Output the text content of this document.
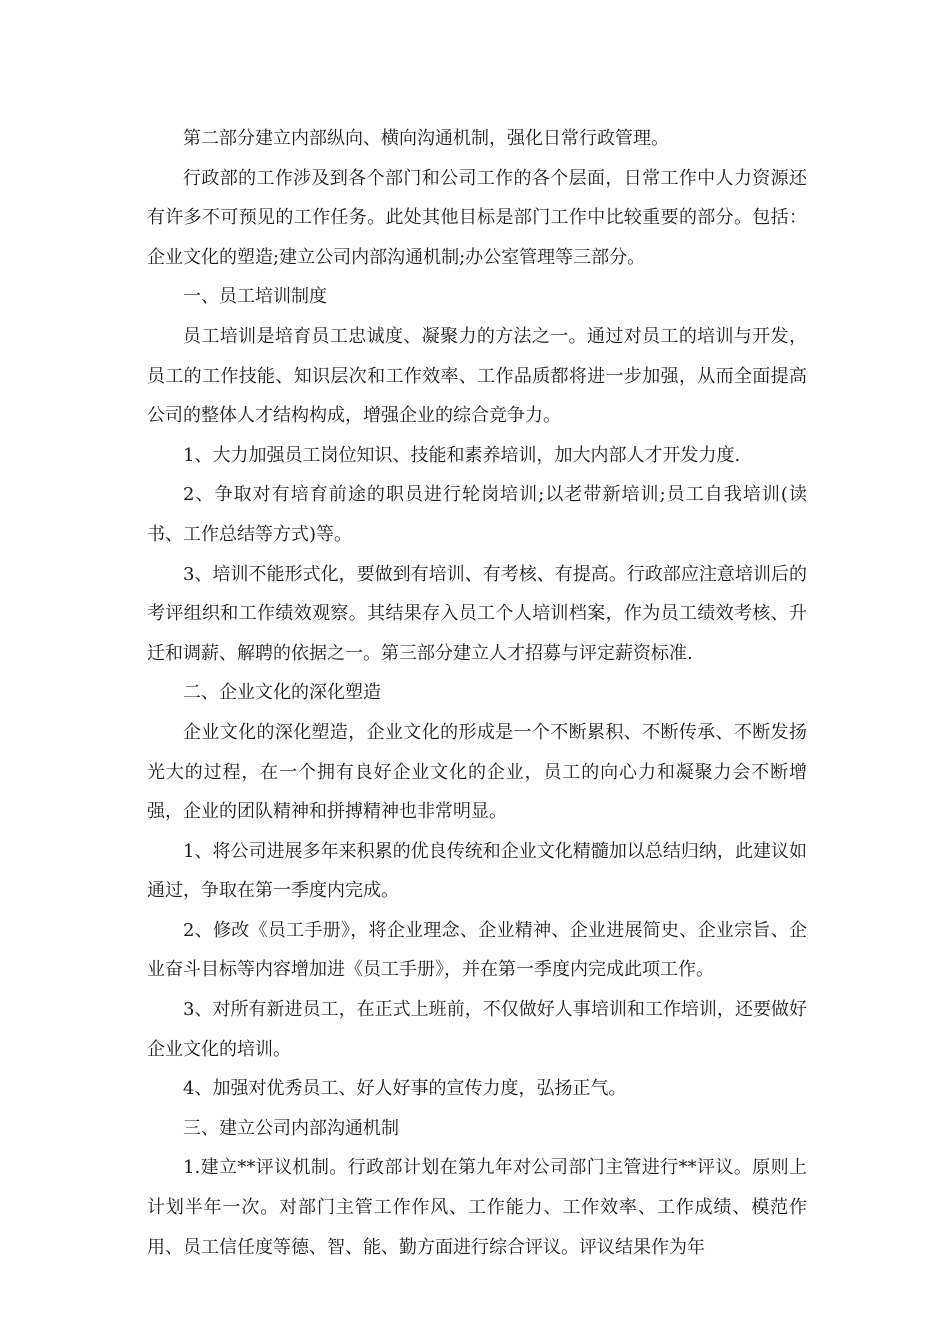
第二部分建立内部纵向、横向沟通机制，强化日常行政管理。

行政部的工作涉及到各个部门和公司工作的各个层面，日常工作中人力资源还有许多不可预见的工作任务。此处其他目标是部门工作中比较重要的部分。包括：企业文化的塑造;建立公司内部沟通机制;办公室管理等三部分。

一、员工培训制度

员工培训是培育员工忠诚度、凝聚力的方法之一。通过对员工的培训与开发，员工的工作技能、知识层次和工作效率、工作品质都将进一步加强，从而全面提高公司的整体人才结构构成，增强企业的综合竞争力。

1、大力加强员工岗位知识、技能和素养培训，加大内部人才开发力度.

2、争取对有培育前途的职员进行轮岗培训;以老带新培训;员工自我培训(读书、工作总结等方式)等。

3、培训不能形式化，要做到有培训、有考核、有提高。行政部应注意培训后的考评组织和工作绩效观察。其结果存入员工个人培训档案，作为员工绩效考核、升迁和调薪、解聘的依据之一。第三部分建立人才招募与评定薪资标准.

二、企业文化的深化塑造

企业文化的深化塑造，企业文化的形成是一个不断累积、不断传承、不断发扬光大的过程，在一个拥有良好企业文化的企业，员工的向心力和凝聚力会不断增强，企业的团队精神和拼搏精神也非常明显。

1、将公司进展多年来积累的优良传统和企业文化精髓加以总结归纳，此建议如通过，争取在第一季度内完成。

2、修改《员工手册》，将企业理念、企业精神、企业进展简史、企业宗旨、企业奋斗目标等内容增加进《员工手册》，并在第一季度内完成此项工作。

3、对所有新进员工，在正式上班前，不仅做好人事培训和工作培训，还要做好企业文化的培训。

4、加强对优秀员工、好人好事的宣传力度，弘扬正气。

三、建立公司内部沟通机制

1.建立**评议机制。行政部计划在第九年对公司部门主管进行**评议。原则上计划半年一次。对部门主管工作作风、工作能力、工作效率、工作成绩、模范作用、员工信任度等德、智、能、勤方面进行综合评议。评议结果作为年
